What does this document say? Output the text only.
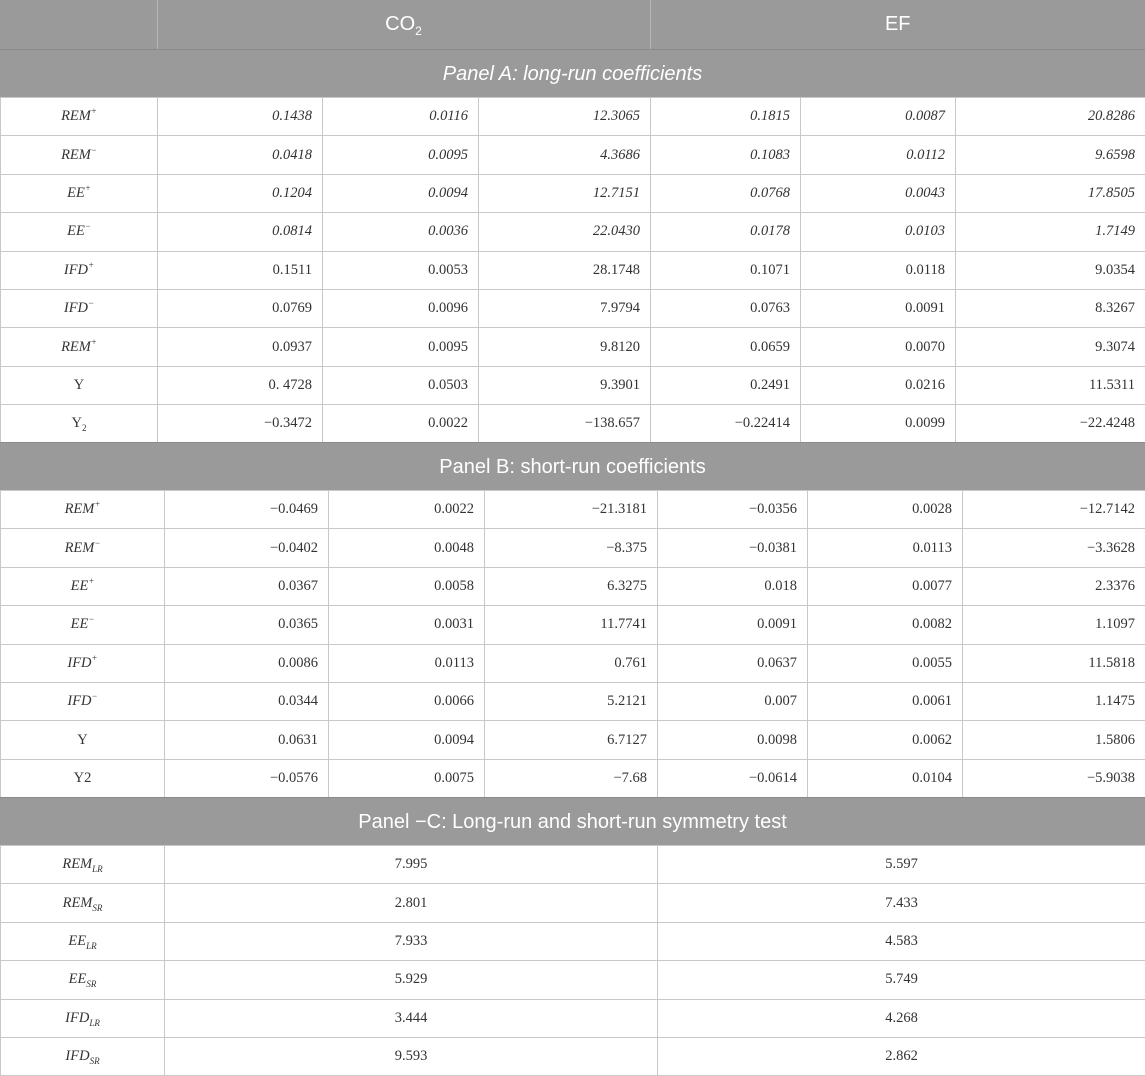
	$CO_2$	EF
Panel A: long-run coefficients
REM+	0.1438	0.0116	12.3065	0.1815	0.0087	20.8286
REM−	0.0418	0.0095	4.3686	0.1083	0.0112	9.6598
EE+	0.1204	0.0094	12.7151	0.0768	0.0043	17.8505
EE−	0.0814	0.0036	22.0430	0.0178	0.0103	1.7149
IFD+	0.1511	0.0053	28.1748	0.1071	0.0118	9.0354
IFD−	0.0769	0.0096	7.9794	0.0763	0.0091	8.3267
REM+	0.0937	0.0095	9.8120	0.0659	0.0070	9.3074
Y	0. 4728	0.0503	9.3901	0.2491	0.0216	11.5311
$Y_2$	−0.3472	0.0022	−138.657	−0.22414	0.0099	−22.4248
Panel B: short-run coefficients
REM+	−0.0469	0.0022	−21.3181	−0.0356	0.0028	−12.7142
REM−	−0.0402	0.0048	−8.375	−0.0381	0.0113	−3.3628
EE+	0.0367	0.0058	6.3275	0.018	0.0077	2.3376
EE−	0.0365	0.0031	11.7741	0.0091	0.0082	1.1097
IFD+	0.0086	0.0113	0.761	0.0637	0.0055	11.5818
IFD−	0.0344	0.0066	5.2121	0.007	0.0061	1.1475
Y	0.0631	0.0094	6.7127	0.0098	0.0062	1.5806
Y2	−0.0576	0.0075	−7.68	−0.0614	0.0104	−5.9038
Panel −C: Long-run and short-run symmetry test
$REM_{LR}$	7.995	5.597
$REM_{SR}$	2.801	7.433
$EE_{LR}$	7.933	4.583
$EE_{SR}$	5.929	5.749
$IFD_{LR}$	3.444	4.268
$IFD_{SR}$	9.593	2.862
